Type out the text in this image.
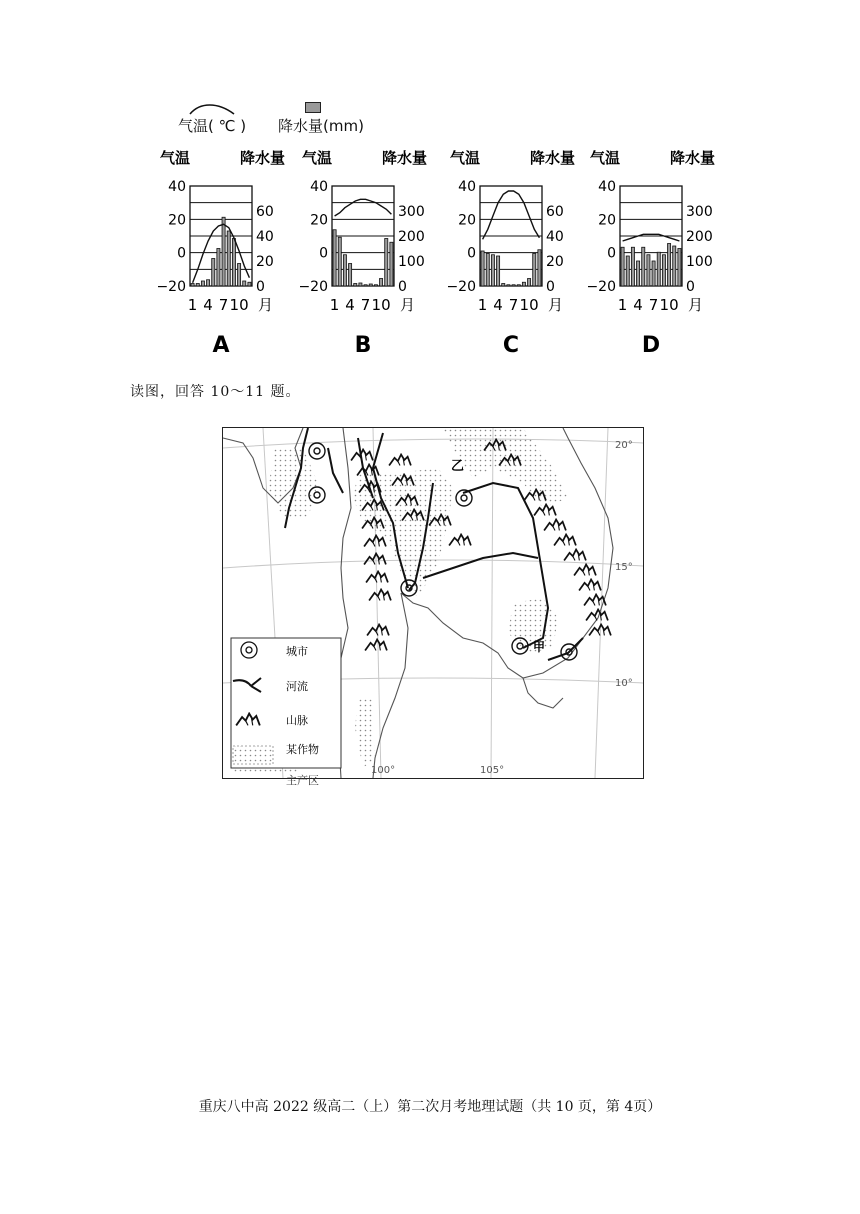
气温( ℃ ) 降水量(mm)
气温	降水量
40
20
0
−20
60
40
20
0
1 4 7 10 月
A
气温	降水量
40
20
0
−20
300
200
100
0
1 4 7 10 月
B
气温	降水量
40
20
0
−20
60
40
20
0
1 4 7 10 月
C
气温	降水量
40
20
0
−20
300
200
100
0
1 4 7 10 月
D
读图，回答 10～11 题。
乙
甲
20°
15°
10°
100°	105°
城市
河流
山脉
某作物
主产区
重庆八中高 2022 级高二（上）第二次月考地理试题（共 10 页，第 4页）
